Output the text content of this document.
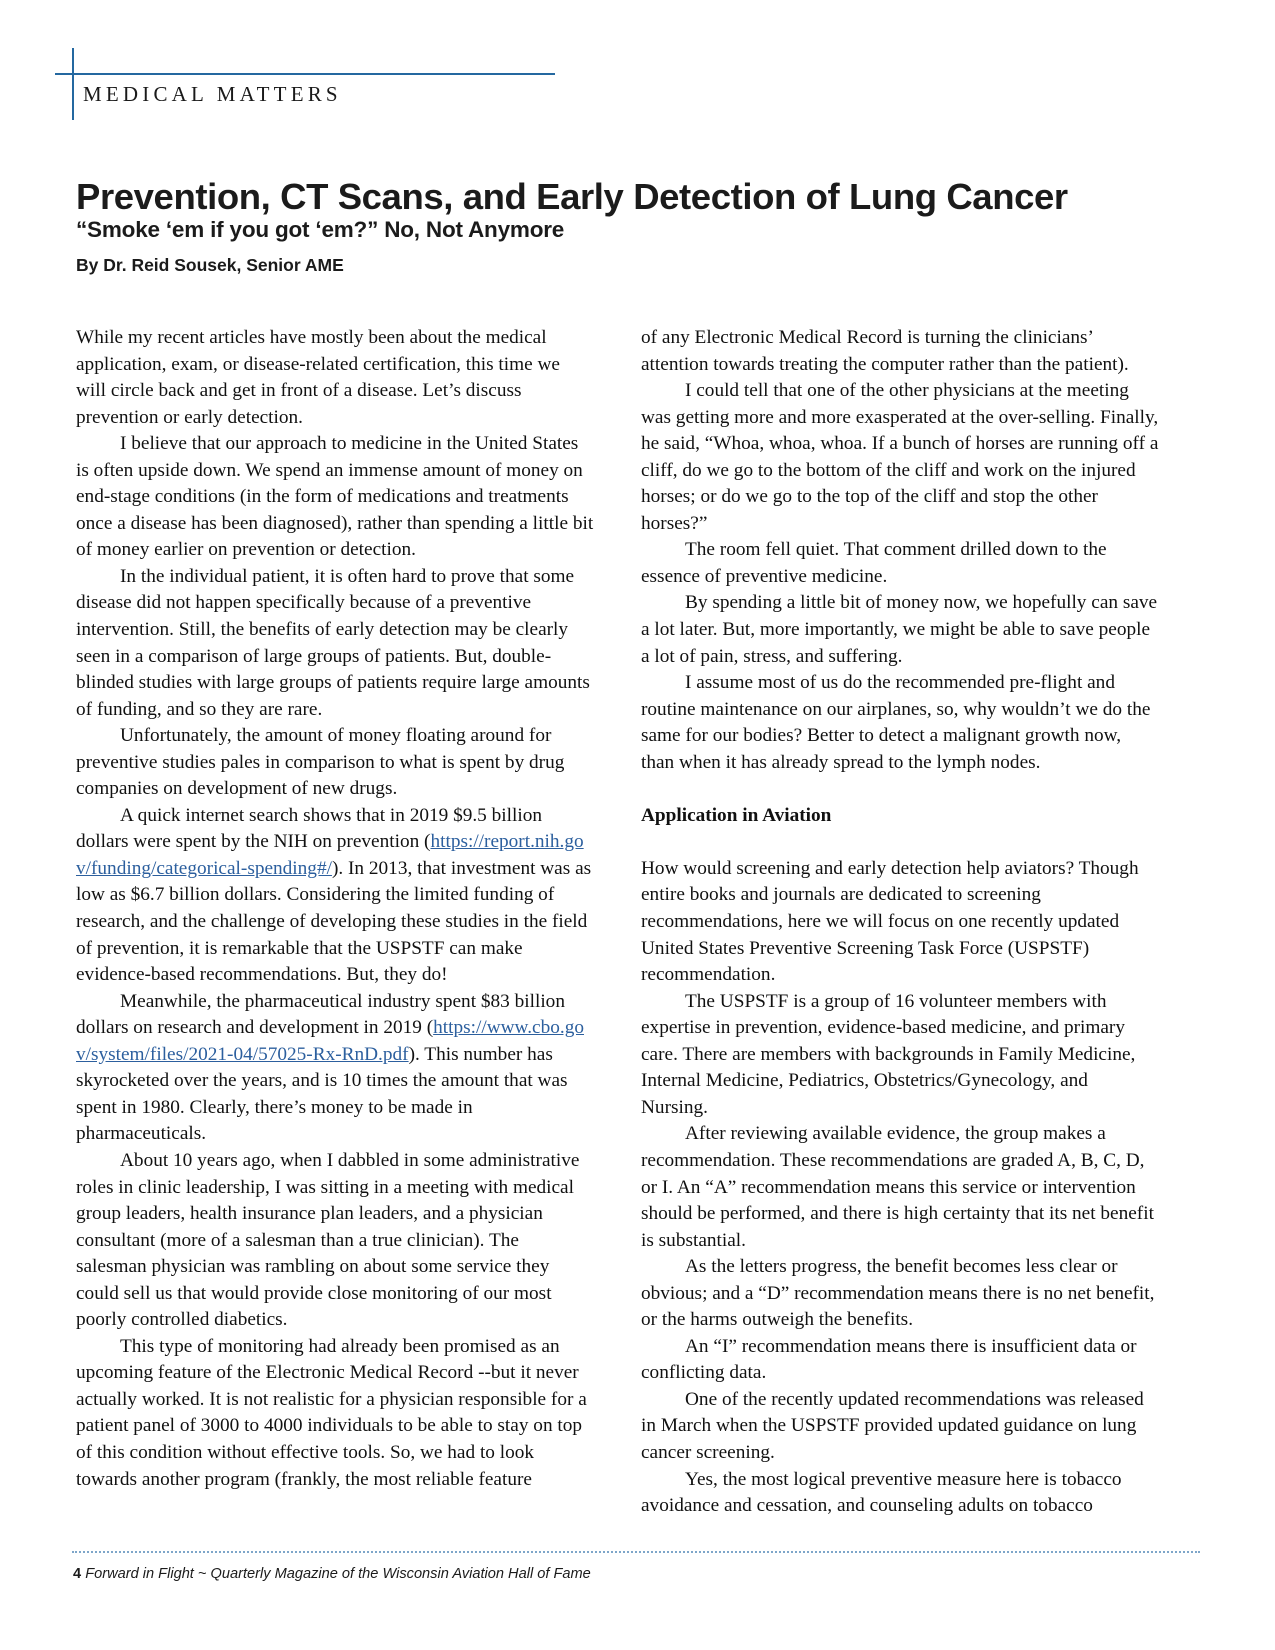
MEDICAL MATTERS
Prevention, CT Scans, and Early Detection of Lung Cancer
“Smoke ‘em if you got ‘em?” No, Not Anymore
By Dr. Reid Sousek, Senior AME

While my recent articles have mostly been about the medical application, exam, or disease-related certification, this time we will circle back and get in front of a disease. Let’s discuss prevention or early detection.

I believe that our approach to medicine in the United States is often upside down. We spend an immense amount of money on end-stage conditions (in the form of medications and treatments once a disease has been diagnosed), rather than spending a little bit of money earlier on prevention or detection.

In the individual patient, it is often hard to prove that some disease did not happen specifically because of a preventive intervention. Still, the benefits of early detection may be clearly seen in a comparison of large groups of patients. But, double-blinded studies with large groups of patients require large amounts of funding, and so they are rare.

Unfortunately, the amount of money floating around for preventive studies pales in comparison to what is spent by drug companies on development of new drugs.

A quick internet search shows that in 2019 $9.5 billion dollars were spent by the NIH on prevention (https://report.nih.gov/funding/categorical-spending#/). In 2013, that investment was as low as $6.7 billion dollars. Considering the limited funding of research, and the challenge of developing these studies in the field of prevention, it is remarkable that the USPSTF can make evidence-based recommendations. But, they do!

Meanwhile, the pharmaceutical industry spent $83 billion dollars on research and development in 2019 (https://www.cbo.gov/system/files/2021-04/57025-Rx-RnD.pdf). This number has skyrocketed over the years, and is 10 times the amount that was spent in 1980. Clearly, there’s money to be made in pharmaceuticals.

About 10 years ago, when I dabbled in some administrative roles in clinic leadership, I was sitting in a meeting with medical group leaders, health insurance plan leaders, and a physician consultant (more of a salesman than a true clinician). The salesman physician was rambling on about some service they could sell us that would provide close monitoring of our most poorly controlled diabetics.

This type of monitoring had already been promised as an upcoming feature of the Electronic Medical Record --but it never actually worked. It is not realistic for a physician responsible for a patient panel of 3000 to 4000 individuals to be able to stay on top of this condition without effective tools. So, we had to look towards another program (frankly, the most reliable feature

of any Electronic Medical Record is turning the clinicians’ attention towards treating the computer rather than the patient).

I could tell that one of the other physicians at the meeting was getting more and more exasperated at the over-selling. Finally, he said, “Whoa, whoa, whoa. If a bunch of horses are running off a cliff, do we go to the bottom of the cliff and work on the injured horses; or do we go to the top of the cliff and stop the other horses?”

The room fell quiet. That comment drilled down to the essence of preventive medicine.

By spending a little bit of money now, we hopefully can save a lot later. But, more importantly, we might be able to save people a lot of pain, stress, and suffering.

I assume most of us do the recommended pre-flight and routine maintenance on our airplanes, so, why wouldn’t we do the same for our bodies? Better to detect a malignant growth now, than when it has already spread to the lymph nodes.

Application in Aviation

How would screening and early detection help aviators? Though entire books and journals are dedicated to screening recommendations, here we will focus on one recently updated United States Preventive Screening Task Force (USPSTF) recommendation.

The USPSTF is a group of 16 volunteer members with expertise in prevention, evidence-based medicine, and primary care. There are members with backgrounds in Family Medicine, Internal Medicine, Pediatrics, Obstetrics/Gynecology, and Nursing.

After reviewing available evidence, the group makes a recommendation. These recommendations are graded A, B, C, D, or I. An “A” recommendation means this service or intervention should be performed, and there is high certainty that its net benefit is substantial.

As the letters progress, the benefit becomes less clear or obvious; and a “D” recommendation means there is no net benefit, or the harms outweigh the benefits.

An “I” recommendation means there is insufficient data or conflicting data.

One of the recently updated recommendations was released in March when the USPSTF provided updated guidance on lung cancer screening.

Yes, the most logical preventive measure here is tobacco avoidance and cessation, and counseling adults on tobacco

4 Forward in Flight ~ Quarterly Magazine of the Wisconsin Aviation Hall of Fame
